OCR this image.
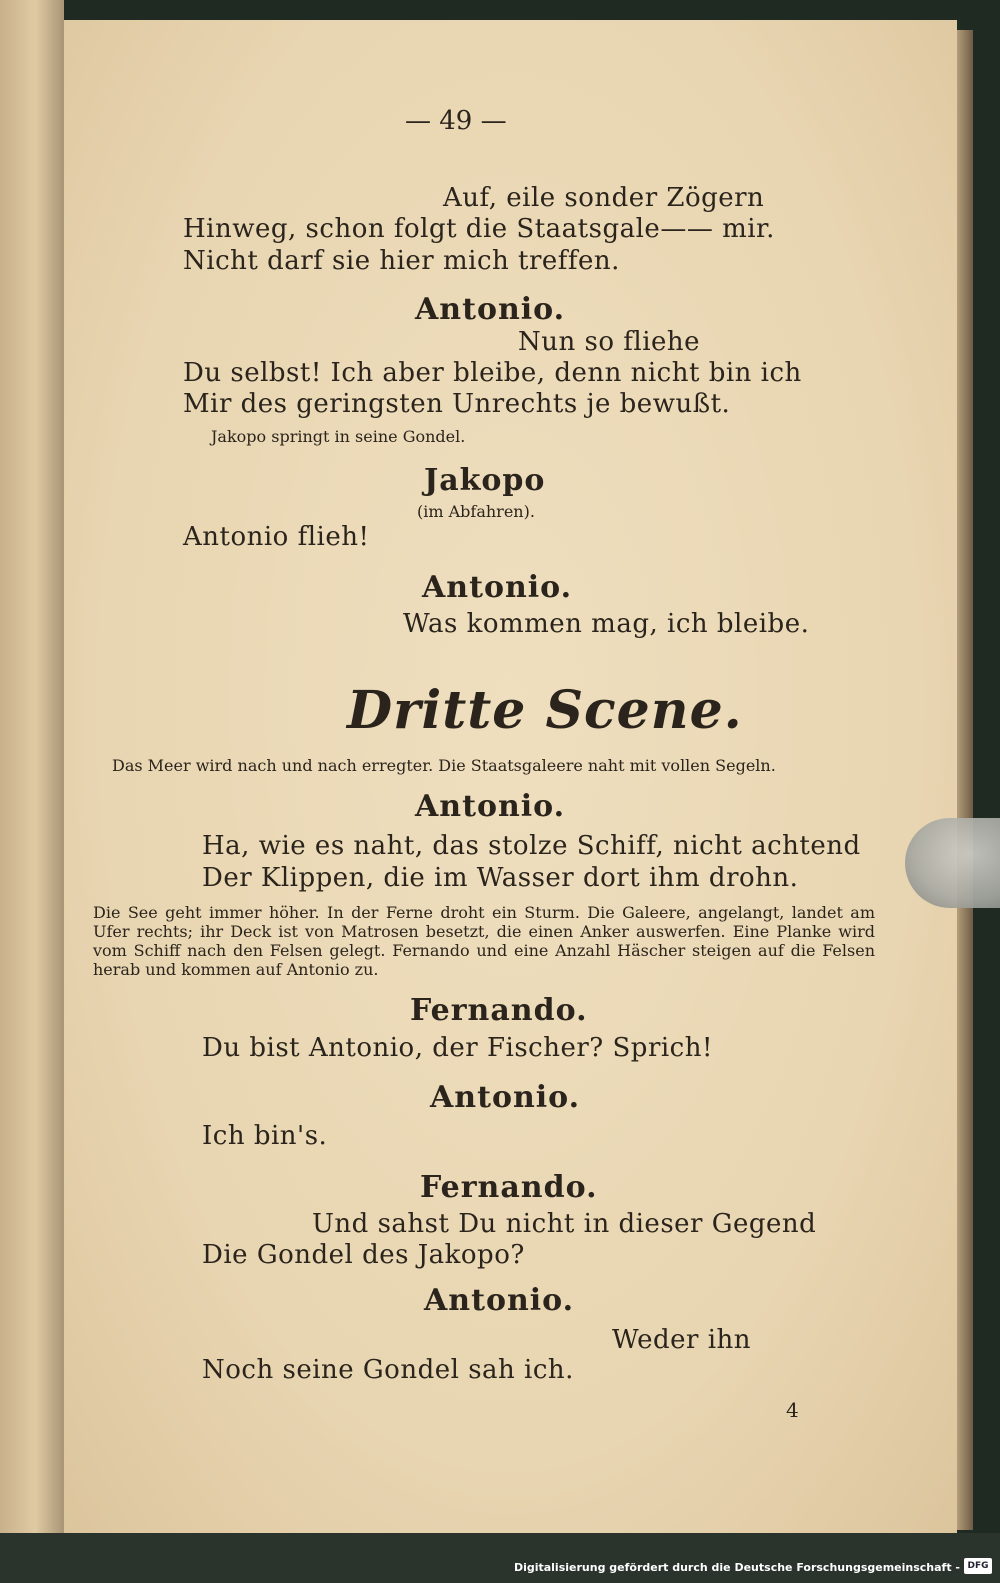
— 49 —
Auf, eile sonder Zögern
Hinweg, schon folgt die Staatsgale—— mir.
Nicht darf sie hier mich treffen.
Antonio.
Nun so fliehe
Du selbst! Ich aber bleibe, denn nicht bin ich
Mir des geringsten Unrechts je bewußt.
Jakopo springt in seine Gondel.
Jakopo
(im Abfahren).
Antonio flieh!
Antonio.
Was kommen mag, ich bleibe.
Dritte Scene.
Das Meer wird nach und nach erregter. Die Staatsgaleere naht mit vollen Segeln.
Antonio.
Ha, wie es naht, das stolze Schiff, nicht achtend
Der Klippen, die im Wasser dort ihm drohn.
Die See geht immer höher. In der Ferne droht ein Sturm. Die Galeere, angelangt, landet am Ufer rechts; ihr Deck ist von Matrosen besetzt, die einen Anker auswerfen. Eine Planke wird vom Schiff nach den Felsen gelegt. Fernando und eine Anzahl Häscher steigen auf die Felsen herab und kommen auf Antonio zu.
Fernando.
Du bist Antonio, der Fischer? Sprich!
Antonio.
Ich bin's.
Fernando.
Und sahst Du nicht in dieser Gegend
Die Gondel des Jakopo?
Antonio.
Weder ihn
Noch seine Gondel sah ich.
4
Digitalisierung gefördert durch die Deutsche Forschungsgemeinschaft - DFG
